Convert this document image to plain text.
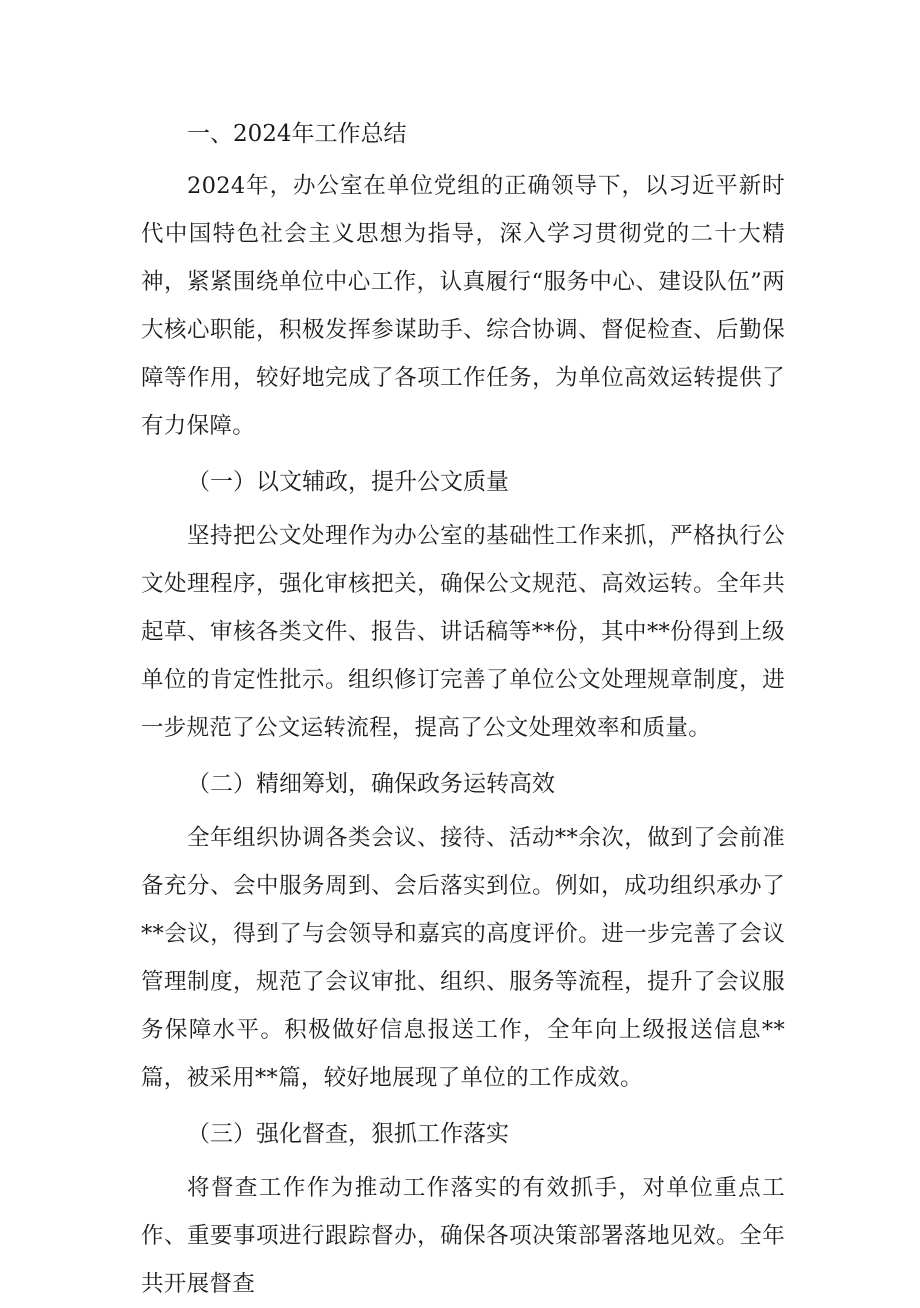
一、2024年工作总结

2024年，办公室在单位党组的正确领导下，以习近平新时代中国特色社会主义思想为指导，深入学习贯彻党的二十大精神，紧紧围绕单位中心工作，认真履行“服务中心、建设队伍”两大核心职能，积极发挥参谋助手、综合协调、督促检查、后勤保障等作用，较好地完成了各项工作任务，为单位高效运转提供了有力保障。

（一）以文辅政，提升公文质量

坚持把公文处理作为办公室的基础性工作来抓，严格执行公文处理程序，强化审核把关，确保公文规范、高效运转。全年共起草、审核各类文件、报告、讲话稿等**份，其中**份得到上级单位的肯定性批示。组织修订完善了单位公文处理规章制度，进一步规范了公文运转流程，提高了公文处理效率和质量。

（二）精细筹划，确保政务运转高效

全年组织协调各类会议、接待、活动**余次，做到了会前准备充分、会中服务周到、会后落实到位。例如，成功组织承办了**会议，得到了与会领导和嘉宾的高度评价。进一步完善了会议管理制度，规范了会议审批、组织、服务等流程，提升了会议服务保障水平。积极做好信息报送工作，全年向上级报送信息**篇，被采用**篇，较好地展现了单位的工作成效。

（三）强化督查，狠抓工作落实

将督查工作作为推动工作落实的有效抓手，对单位重点工作、重要事项进行跟踪督办，确保各项决策部署落地见效。全年共开展督查
